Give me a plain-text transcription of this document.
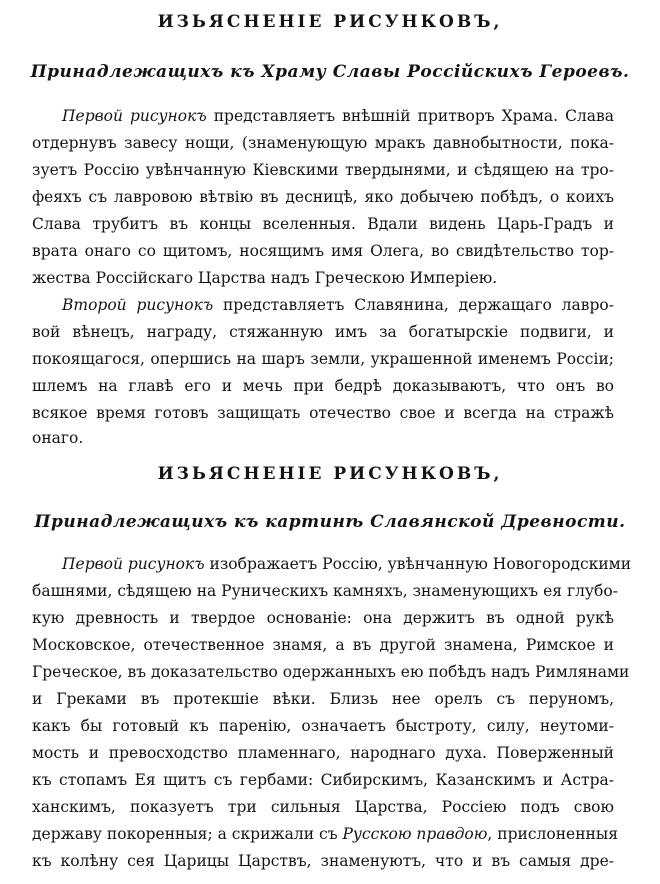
ИЗЬЯСНЕНІЕ РИСУНКОВЪ,
Принадлежащихъ къ Храму Славы Россійскихъ Героевъ.
Первой рисунокъ представляетъ внѣшній притворъ Храма. Слава
отдернувъ завесу нощи, (знаменующую мракъ давнобытности, пока-
зуетъ Россію увѣнчанную Кіевскими твердынями, и сѣдящею на тро-
феяхъ съ лавровою вѣтвію въ десницѣ, яко добычею побѣдъ, о коихъ
Слава трубитъ въ концы вселенныя. Вдали видень Царь-Градъ и
врата онаго со щитомъ, носящимъ имя Олега, во свидѣтельство тор-
жества Россійскаго Царства надъ Греческою Имперіею.
Второй рисунокъ представляетъ Славянина, держащаго лавро-
вой вѣнецъ, награду, стяжанную имъ за богатырскіе подвиги, и
покоящагося, опершись на шаръ земли, украшенной именемъ Россіи;
шлемъ на главѣ его и мечь при бедрѣ доказываютъ, что онъ во
всякое время готовъ защищать отечество свое и всегда на стражѣ
онаго.
ИЗЬЯСНЕНІЕ РИСУНКОВЪ,
Принадлежащихъ къ картинѣ Славянской Древности.
Первой рисунокъ изображаетъ Россію, увѣнчанную Новогородскими
башнями, сѣдящею на Руническихъ камняхъ, знаменующихъ ея глубо-
кую древность и твердое основаніе: она держитъ въ одной рукѣ
Московское, отечественное знамя, а въ другой знамена, Римское и
Греческое, въ доказательство одержанныхъ ею побѣдъ надъ Римлянами
и Греками въ протекшіе вѣки. Близь нее орелъ съ перуномъ,
какъ бы готовый къ паренію, означаетъ быстроту, силу, неутоми-
мость и превосходство пламеннаго, народнаго духа. Поверженный
къ стопамъ Ея щитъ съ гербами: Сибирскимъ, Казанскимъ и Астра-
ханскимъ, показуетъ три сильныя Царства, Россіею подъ свою
державу покоренныя; а скрижали съ Русскою правдою, прислоненныя
къ колѣну сея Царицы Царствъ, знаменуютъ, что и въ самыя дре-
